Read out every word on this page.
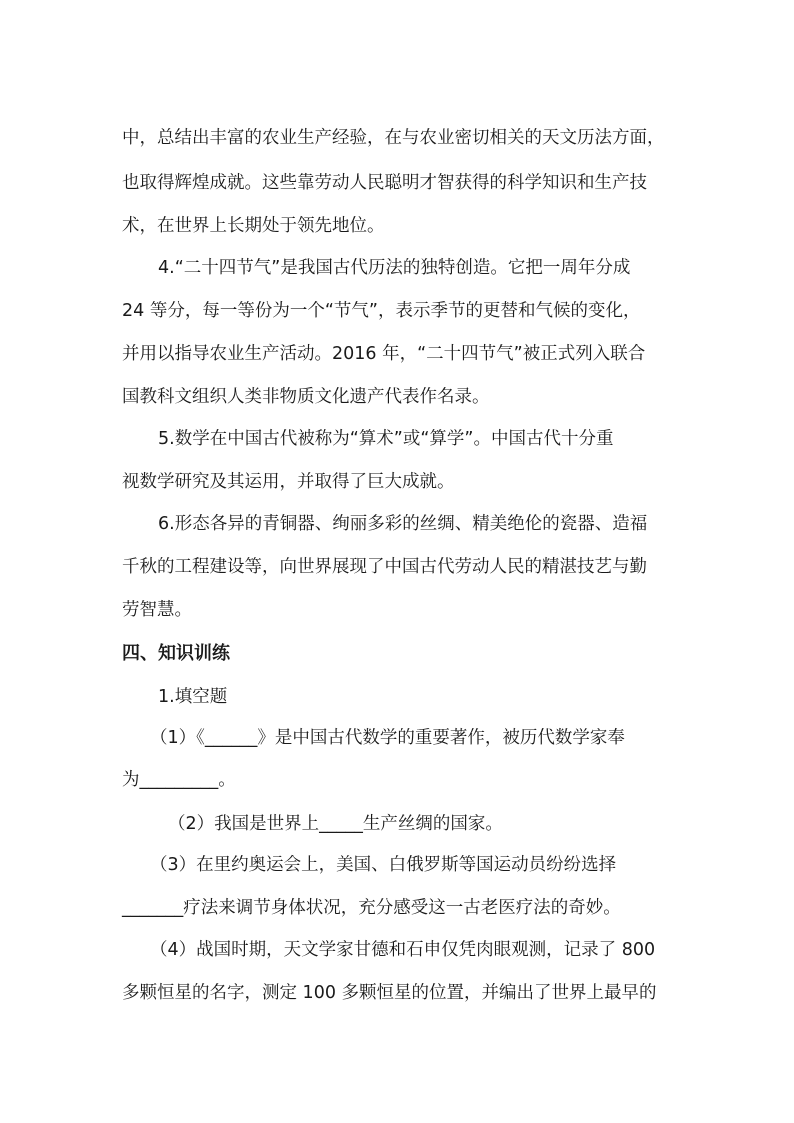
中，总结出丰富的农业生产经验，在与农业密切相关的天文历法方面，
也取得辉煌成就。这些靠劳动人民聪明才智获得的科学知识和生产技
术，在世界上长期处于领先地位。
4.“二十四节气”是我国古代历法的独特创造。它把一周年分成
24 等分，每一等份为一个“节气”，表示季节的更替和气候的变化，
并用以指导农业生产活动。2016 年，“二十四节气”被正式列入联合
国教科文组织人类非物质文化遗产代表作名录。
5.数学在中国古代被称为“算术”或“算学”。中国古代十分重
视数学研究及其运用，并取得了巨大成就。
6.形态各异的青铜器、绚丽多彩的丝绸、精美绝伦的瓷器、造福
千秋的工程建设等，向世界展现了中国古代劳动人民的精湛技艺与勤
劳智慧。
四、知识训练
1.填空题
（1）《______》是中国古代数学的重要著作，被历代数学家奉
为_________。
（2）我国是世界上_____生产丝绸的国家。
（3）在里约奥运会上，美国、白俄罗斯等国运动员纷纷选择
_______疗法来调节身体状况，充分感受这一古老医疗法的奇妙。
（4）战国时期，天文学家甘德和石申仅凭肉眼观测，记录了 800
多颗恒星的名字，测定 100 多颗恒星的位置，并编出了世界上最早的
